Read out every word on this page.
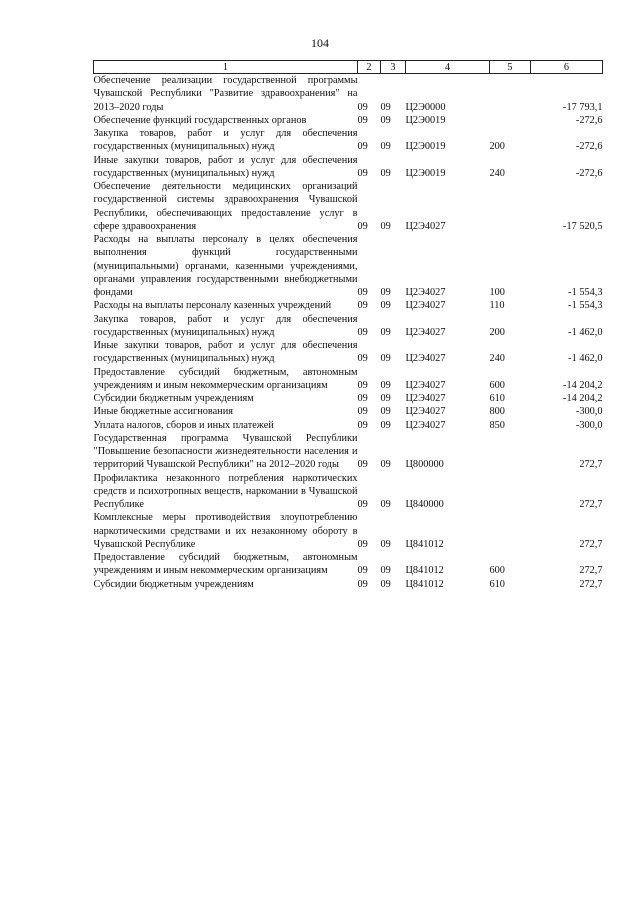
104
1	2	3	4	5	6
Обеспечение реализации государственной программы Чувашской Республики "Развитие здравоохранения" на 2013–2020 годы	09	09	Ц2Э0000		-17 793,1
Обеспечение функций государственных органов	09	09	Ц2Э0019		-272,6
Закупка товаров, работ и услуг для обеспечения государственных (муниципальных) нужд	09	09	Ц2Э0019	200	-272,6
Иные закупки товаров, работ и услуг для обеспечения государственных (муниципальных) нужд	09	09	Ц2Э0019	240	-272,6
Обеспечение деятельности медицинских организаций государственной системы здравоохранения Чувашской Республики, обеспечивающих предоставление услуг в сфере здравоохранения	09	09	Ц2Э4027		-17 520,5
Расходы на выплаты персоналу в целях обеспечения выполнения функций государственными (муниципальными) органами, казенными учреждениями, органами управления государственными внебюджетными фондами	09	09	Ц2Э4027	100	-1 554,3
Расходы на выплаты персоналу казенных учреждений	09	09	Ц2Э4027	110	-1 554,3
Закупка товаров, работ и услуг для обеспечения государственных (муниципальных) нужд	09	09	Ц2Э4027	200	-1 462,0
Иные закупки товаров, работ и услуг для обеспечения государственных (муниципальных) нужд	09	09	Ц2Э4027	240	-1 462,0
Предоставление субсидий бюджетным, автономным учреждениям и иным некоммерческим организациям	09	09	Ц2Э4027	600	-14 204,2
Субсидии бюджетным учреждениям	09	09	Ц2Э4027	610	-14 204,2
Иные бюджетные ассигнования	09	09	Ц2Э4027	800	-300,0
Уплата налогов, сборов и иных платежей	09	09	Ц2Э4027	850	-300,0
Государственная программа Чувашской Республики "Повышение безопасности жизнедеятельности населения и территорий Чувашской Республики" на 2012–2020 годы	09	09	Ц800000		272,7
Профилактика незаконного потребления наркотических средств и психотропных веществ, наркомании в Чувашской Республике	09	09	Ц840000		272,7
Комплексные меры противодействия злоупотреблению наркотическими средствами и их незаконному обороту в Чувашской Республике	09	09	Ц841012		272,7
Предоставление субсидий бюджетным, автономным учреждениям и иным некоммерческим организациям	09	09	Ц841012	600	272,7
Субсидии бюджетным учреждениям	09	09	Ц841012	610	272,7
